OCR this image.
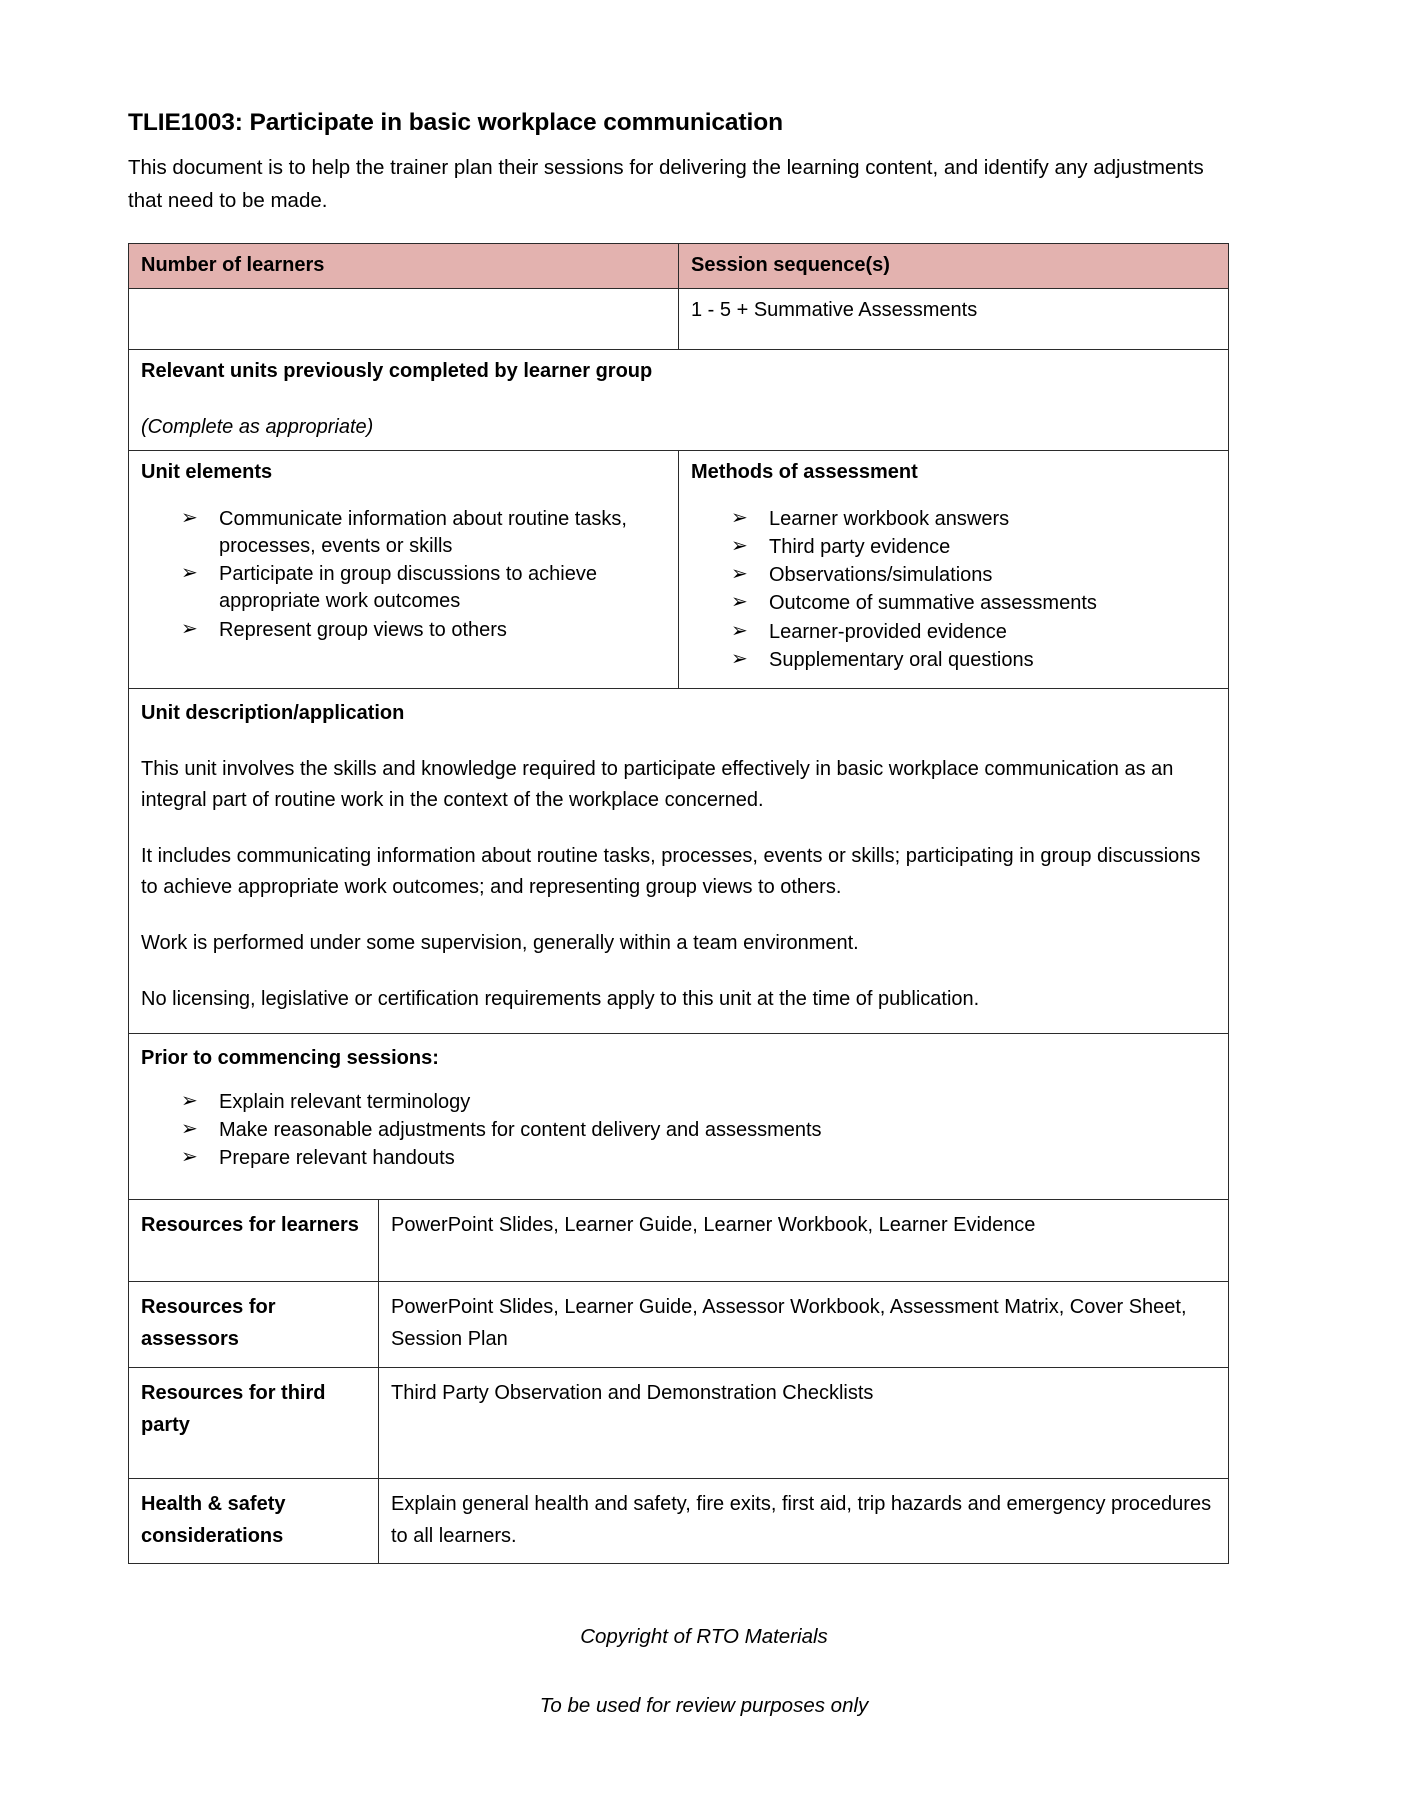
TLIE1003: Participate in basic workplace communication

This document is to help the trainer plan their sessions for delivering the learning content, and identify any adjustments that need to be made.

Number of learners	Session sequence(s)
	1 - 5 + Summative Assessments

Relevant units previously completed by learner group
(Complete as appropriate)	

Unit elements
➢ Communicate information about routine tasks, processes, events or skills
➢ Participate in group discussions to achieve appropriate work outcomes
➢ Represent group views to others

Methods of assessment
➢ Learner workbook answers
➢ Third party evidence
➢ Observations/simulations
➢ Outcome of summative assessments
➢ Learner-provided evidence
➢ Supplementary oral questions

Unit description/application

This unit involves the skills and knowledge required to participate effectively in basic workplace communication as an integral part of routine work in the context of the workplace concerned.

It includes communicating information about routine tasks, processes, events or skills; participating in group discussions to achieve appropriate work outcomes; and representing group views to others.

Work is performed under some supervision, generally within a team environment.

No licensing, legislative or certification requirements apply to this unit at the time of publication.	

Prior to commencing sessions:
➢ Explain relevant terminology
➢ Make reasonable adjustments for content delivery and assessments
➢ Prepare relevant handouts
Resources for learners	PowerPoint Slides, Learner Guide, Learner Workbook, Learner Evidence
Resources for assessors	PowerPoint Slides, Learner Guide, Assessor Workbook, Assessment Matrix, Cover Sheet, Session Plan
Resources for third party	Third Party Observation and Demonstration Checklists
Health & safety considerations	Explain general health and safety, fire exits, first aid, trip hazards and emergency procedures to all learners.
Copyright of RTO Materials
To be used for review purposes only
